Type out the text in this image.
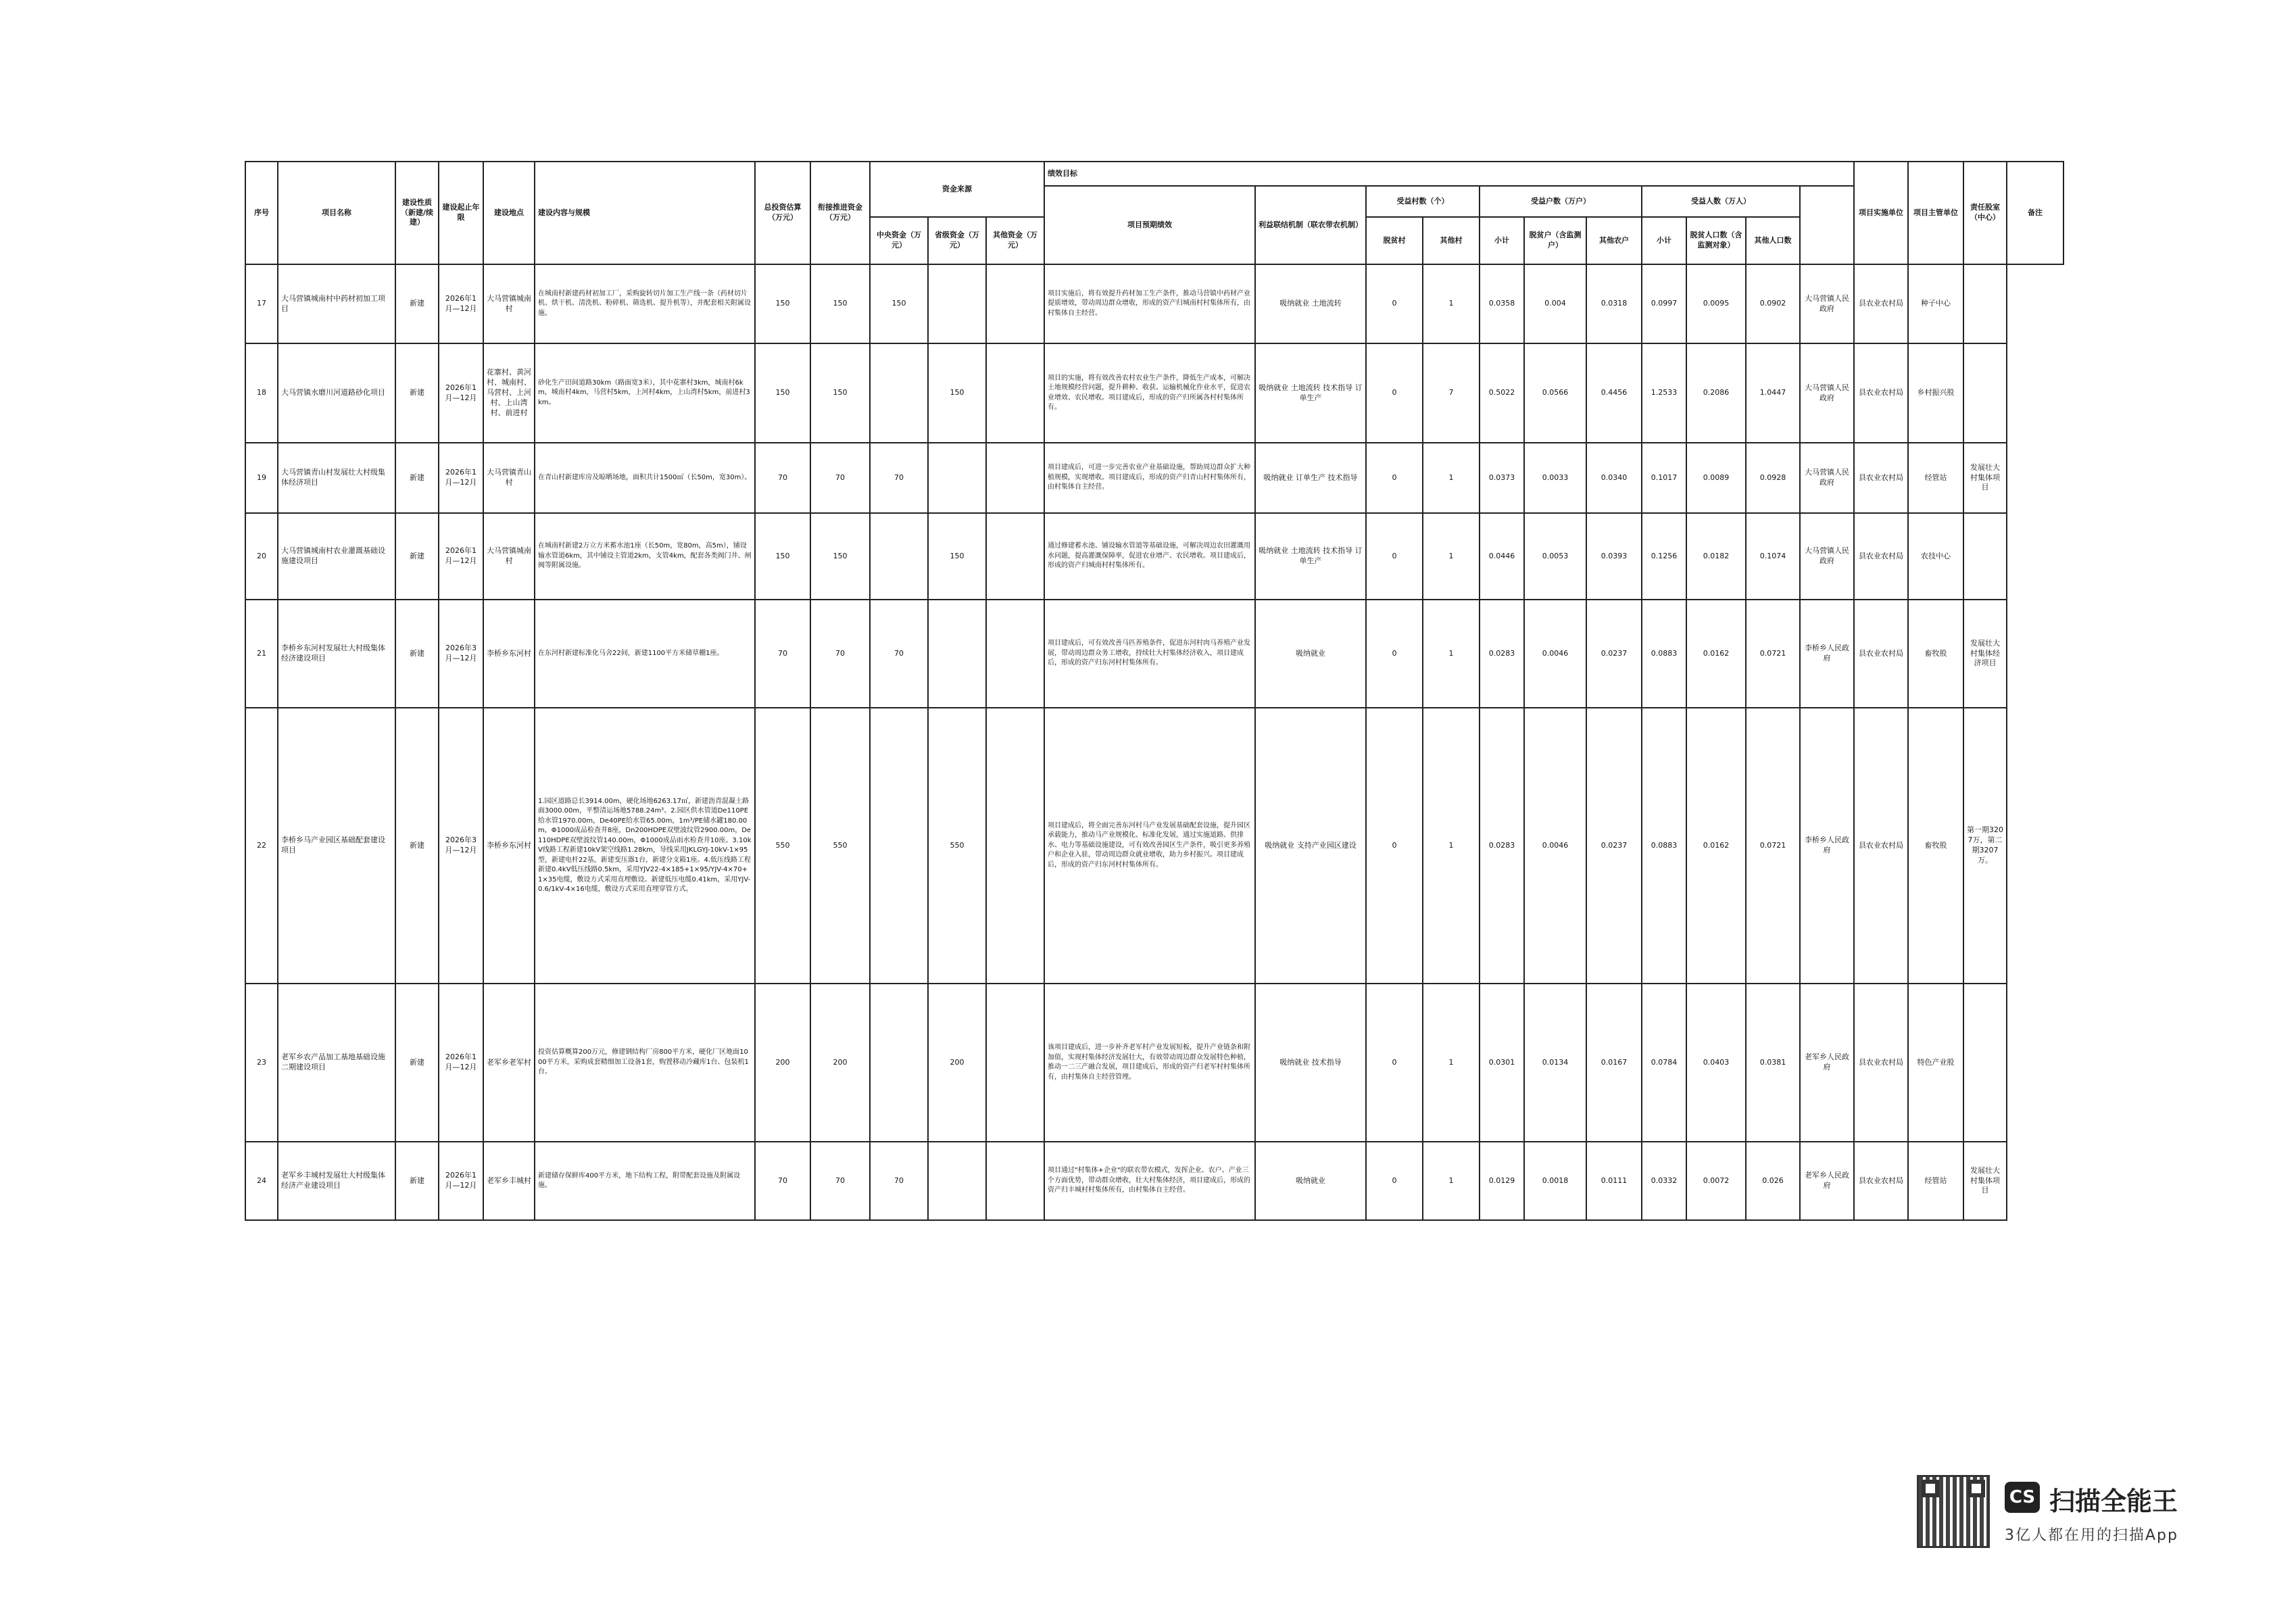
序号	项目名称	建设性质（新建/续建）	建设起止年限	建设地点	建设内容与规模	总投资估算（万元）	衔接推进资金（万元）	资金来源			绩效目标											项目实施单位	项目主管单位	责任股室（中心）	备注
											项目预期绩效	利益联结机制（联农带农机制）	受益村数（个）		受益户数（万户）			受益人数（万人）							
								中央资金（万元）	省级资金（万元）	其他资金（万元）			脱贫村	其他村	小计	脱贫户（含监测户）	其他农户	小计	脱贫人口数（含监测对象）	其他人口数					
17	大马营镇城南村中药材初加工项目	新建	2026年1月—12月	大马营镇城南村	在城南村新建药材初加工厂，采购旋转切片加工生产线一条（药材切片机、烘干机、清洗机、粉碎机、筛选机、提升机等），并配套相关附属设施。	150	150	150			项目实施后，将有效提升药材加工生产条件，推动马营镇中药材产业提质增效，带动周边群众增收，形成的资产归城南村村集体所有，由村集体自主经营。	吸纳就业 土地流转	0	1	0.0358	0.004	0.0318	0.0997	0.0095	0.0902	大马营镇人民政府	县农业农村局	种子中心		
18	大马营镇水磨川河道路砂化项目	新建	2026年1月—12月	花寨村、黄河村、城南村、马营村、上河村、上山湾村、前进村	砂化生产田间道路30km（路面宽3米），其中花寨村3km，城南村6km，城南村4km，马营村5km，上河村4km，上山湾村5km，前进村3km。	150	150		150		项目的实施，将有效改善农村农业生产条件，降低生产成本，可解决土地规模经营问题，提升耕种、收获、运输机械化作业水平，促进农业增效、农民增收。项目建成后，形成的资产归所属各村村集体所有。	吸纳就业 土地流转 技术指导 订单生产	0	7	0.5022	0.0566	0.4456	1.2533	0.2086	1.0447	大马营镇人民政府	县农业农村局	乡村振兴股		
19	大马营镇青山村发展壮大村级集体经济项目	新建	2026年1月—12月	大马营镇青山村	在青山村新建库房及晾晒场地，面积共计1500㎡（长50m，宽30m）。	70	70	70			项目建成后，可进一步完善农业产业基础设施，帮助周边群众扩大种植规模，实现增收。项目建成后，形成的资产归青山村村集体所有，由村集体自主经营。	吸纳就业 订单生产 技术指导	0	1	0.0373	0.0033	0.0340	0.1017	0.0089	0.0928	大马营镇人民政府	县农业农村局	经管站	发展壮大村集体项目	
20	大马营镇城南村农业灌溉基础设施建设项目	新建	2026年1月—12月	大马营镇城南村	在城南村新建2万立方米蓄水池1座（长50m，宽80m，高5m），铺设输水管道6km，其中铺设主管道2km，支管4km，配套各类阀门井、闸阀等附属设施。	150	150		150		通过修建蓄水池、铺设输水管道等基础设施，可解决周边农田灌溉用水问题，提高灌溉保障率，促进农业增产、农民增收。项目建成后，形成的资产归城南村村集体所有。	吸纳就业 土地流转 技术指导 订单生产	0	1	0.0446	0.0053	0.0393	0.1256	0.0182	0.1074	大马营镇人民政府	县农业农村局	农技中心		
21	李桥乡东河村发展壮大村级集体经济建设项目	新建	2026年3月—12月	李桥乡东河村	在东河村新建标准化马舍22间，新建1100平方米储草棚1座。	70	70	70			项目建成后，可有效改善马匹养殖条件，促进东河村肉马养殖产业发展，带动周边群众务工增收，持续壮大村集体经济收入，项目建成后，形成的资产归东河村村集体所有。	吸纳就业	0	1	0.0283	0.0046	0.0237	0.0883	0.0162	0.0721	李桥乡人民政府	县农业农村局	畜牧股	发展壮大村集体经济项目	
22	李桥乡马产业园区基础配套建设项目	新建	2026年3月—12月	李桥乡东河村	1.园区道路总长3914.00m，硬化场地6263.17㎡，新建沥青混凝土路面3000.00m，平整清运场地5788.24m³。2.园区供水管道De110PE给水管1970.00m，De40PE给水管65.00m，1m³/PE储水罐180.00m，Φ1000成品检查井8座，Dn200HDPE双壁波纹管2900.00m，De110HDPE双壁波纹管140.00m，Φ1000成品雨水检查井10座。3.10kV线路工程新建10kV架空线路1.28km，导线采用JKLGYJ-10kV-1×95型，新建电杆22基，新建变压器1台，新建分支箱1座。4.低压线路工程新建0.4kV低压线路0.5km，采用YJV22-4×185+1×95/YJV-4×70+1×35电缆，敷设方式采用直埋敷设。新建低压电缆0.41km，采用YJV-0.6/1kV-4×16电缆，敷设方式采用直埋穿管方式。	550	550		550		项目建成后，将全面完善东河村马产业发展基础配套设施，提升园区承载能力，推动马产业规模化、标准化发展，通过实施道路、供排水、电力等基础设施建设，可有效改善园区生产条件，吸引更多养殖户和企业入驻，带动周边群众就业增收，助力乡村振兴。项目建成后，形成的资产归东河村村集体所有。	吸纳就业 支持产业园区建设	0	1	0.0283	0.0046	0.0237	0.0883	0.0162	0.0721	李桥乡人民政府	县农业农村局	畜牧股	第一期3207万，第二期3207万。	
23	老军乡农产品加工基地基础设施二期建设项目	新建	2026年1月—12月	老军乡老军村	投资估算概算200万元，修建钢结构厂房800平方米，硬化厂区地面1000平方米，采购成套精细加工设备1套，购置移动冷藏库1台、包装机1台。	200	200		200		该项目建成后，进一步补齐老军村产业发展短板，提升产业链条和附加值，实现村集体经济发展壮大，有效带动周边群众发展特色种植，推动一二三产融合发展，项目建成后，形成的资产归老军村村集体所有，由村集体自主经营管理。	吸纳就业 技术指导	0	1	0.0301	0.0134	0.0167	0.0784	0.0403	0.0381	老军乡人民政府	县农业农村局	特色产业股		
24	老军乡丰城村发展壮大村级集体经济产业建设项目	新建	2026年1月—12月	老军乡丰城村	新建储存保鲜库400平方米，地下结构工程，附带配套设施及附属设施。	70	70	70			项目通过"村集体+企业"的联农带农模式，发挥企业、农户、产业三个方面优势，带动群众增收，壮大村集体经济，项目建成后，形成的资产归丰城村村集体所有，由村集体自主经营。	吸纳就业	0	1	0.0129	0.0018	0.0111	0.0332	0.0072	0.026	老军乡人民政府	县农业农村局	经管站	发展壮大村集体项目	
CS 扫描全能王
3亿人都在用的扫描App
